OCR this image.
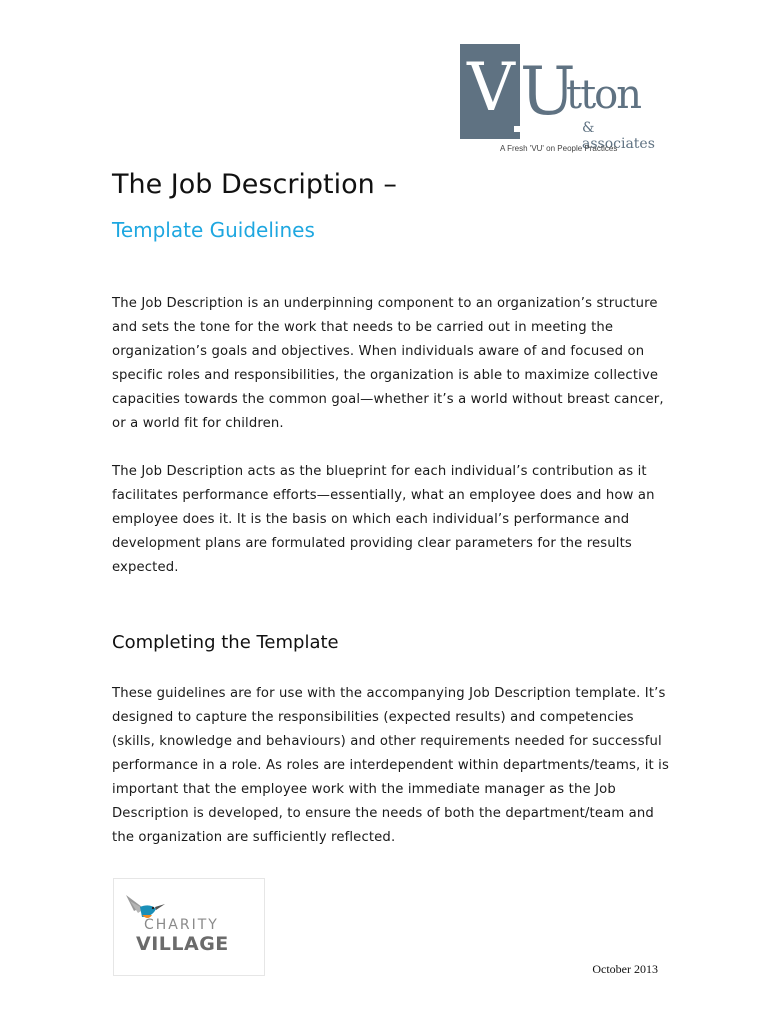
V U
tton
& associates
A Fresh 'VU' on People Practices
The Job Description –
Template Guidelines

The Job Description is an underpinning component to an organization’s structure and sets the tone for the work that needs to be carried out in meeting the organization’s goals and objectives. When individuals aware of and focused on specific roles and responsibilities, the organization is able to maximize collective capacities towards the common goal—whether it’s a world without breast cancer, or a world fit for children.

The Job Description acts as the blueprint for each individual’s contribution as it facilitates performance efforts—essentially, what an employee does and how an employee does it. It is the basis on which each individual’s performance and development plans are formulated providing clear parameters for the results expected.

Completing the Template

These guidelines are for use with the accompanying Job Description template. It’s designed to capture the responsibilities (expected results) and competencies (skills, knowledge and behaviours) and other requirements needed for successful performance in a role. As roles are interdependent within departments/teams, it is important that the employee work with the immediate manager as the Job Description is developed, to ensure the needs of both the department/team and the organization are sufficiently reflected.

CHARITY
VILLAGE

October 2013
